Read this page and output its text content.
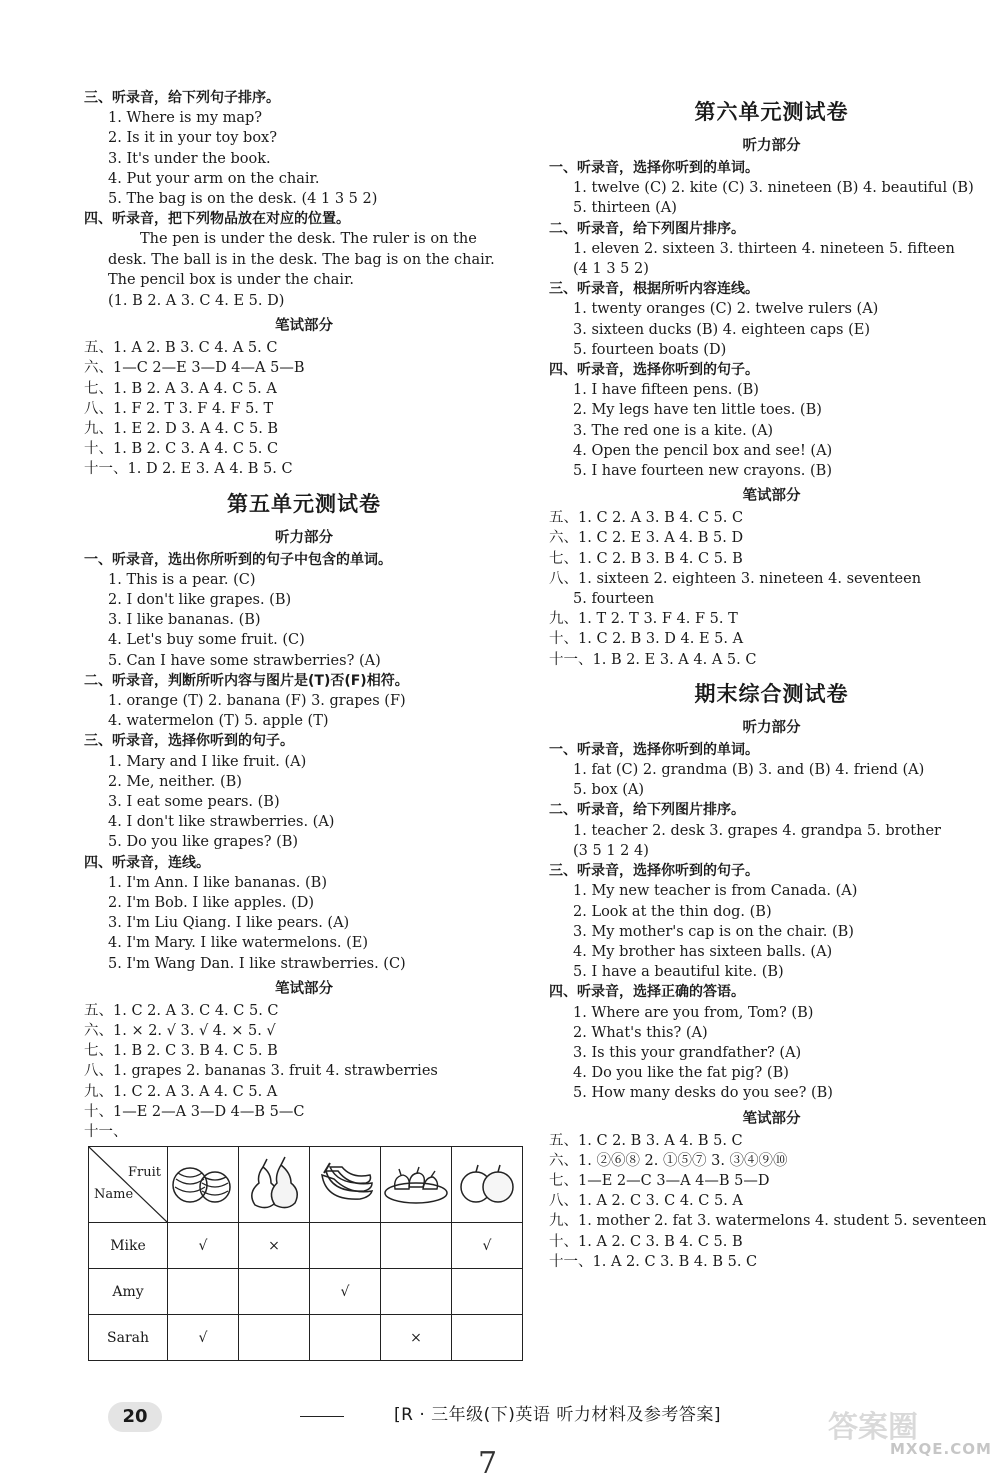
三、听录音，给下列句子排序。
1. Where is my map?
2. Is it in your toy box?
3. It's under the book.
4. Put your arm on the chair.
5. The bag is on the desk. (4 1 3 5 2)
四、听录音，把下列物品放在对应的位置。
The pen is under the desk. The ruler is on the desk. The ball is in the desk. The bag is on the chair. The pencil box is under the chair.
(1. B 2. A 3. C 4. E 5. D)
笔试部分
五、1. A 2. B 3. C 4. A 5. C
六、1—C 2—E 3—D 4—A 5—B
七、1. B 2. A 3. A 4. C 5. A
八、1. F 2. T 3. F 4. F 5. T
九、1. E 2. D 3. A 4. C 5. B
十、1. B 2. C 3. A 4. C 5. C
十一、1. D 2. E 3. A 4. B 5. C
第五单元测试卷
听力部分
一、听录音，选出你所听到的句子中包含的单词。
1. This is a pear. (C)
2. I don't like grapes. (B)
3. I like bananas. (B)
4. Let's buy some fruit. (C)
5. Can I have some strawberries? (A)
二、听录音，判断所听内容与图片是(T)否(F)相符。
1. orange (T) 2. banana (F) 3. grapes (F)
4. watermelon (T) 5. apple (T)
三、听录音，选择你听到的句子。
1. Mary and I like fruit. (A)
2. Me, neither. (B)
3. I eat some pears. (B)
4. I don't like strawberries. (A)
5. Do you like grapes? (B)
四、听录音，连线。
1. I'm Ann. I like bananas. (B)
2. I'm Bob. I like apples. (D)
3. I'm Liu Qiang. I like pears. (A)
4. I'm Mary. I like watermelons. (E)
5. I'm Wang Dan. I like strawberries. (C)
笔试部分
五、1. C 2. A 3. C 4. C 5. C
六、1. × 2. √ 3. √ 4. × 5. √
七、1. B 2. C 3. B 4. C 5. B
八、1. grapes 2. bananas 3. fruit 4. strawberries
九、1. C 2. A 3. A 4. C 5. A
十、1—E 2—A 3—D 4—B 5—C
十一、
Fruit
Name

Mike	√	×			√
Amy			√		
Sarah	√			×	
第六单元测试卷
听力部分
一、听录音，选择你听到的单词。
1. twelve (C) 2. kite (C) 3. nineteen (B) 4. beautiful (B)
5. thirteen (A)
二、听录音，给下列图片排序。
1. eleven 2. sixteen 3. thirteen 4. nineteen 5. fifteen
(4 1 3 5 2)
三、听录音，根据所听内容连线。
1. twenty oranges (C) 2. twelve rulers (A)
3. sixteen ducks (B) 4. eighteen caps (E)
5. fourteen boats (D)
四、听录音，选择你听到的句子。
1. I have fifteen pens. (B)
2. My legs have ten little toes. (B)
3. The red one is a kite. (A)
4. Open the pencil box and see! (A)
5. I have fourteen new crayons. (B)
笔试部分
五、1. C 2. A 3. B 4. C 5. C
六、1. C 2. E 3. A 4. B 5. D
七、1. C 2. B 3. B 4. C 5. B
八、1. sixteen 2. eighteen 3. nineteen 4. seventeen
5. fourteen
九、1. T 2. T 3. F 4. F 5. T
十、1. C 2. B 3. D 4. E 5. A
十一、1. B 2. E 3. A 4. A 5. C
期末综合测试卷
听力部分
一、听录音，选择你听到的单词。
1. fat (C) 2. grandma (B) 3. and (B) 4. friend (A)
5. box (A)
二、听录音，给下列图片排序。
1. teacher 2. desk 3. grapes 4. grandpa 5. brother
(3 5 1 2 4)
三、听录音，选择你听到的句子。
1. My new teacher is from Canada. (A)
2. Look at the thin dog. (B)
3. My mother's cap is on the chair. (B)
4. My brother has sixteen balls. (A)
5. I have a beautiful kite. (B)
四、听录音，选择正确的答语。
1. Where are you from, Tom? (B)
2. What's this? (A)
3. Is this your grandfather? (A)
4. Do you like the fat pig? (B)
5. How many desks do you see? (B)
笔试部分
五、1. C 2. B 3. A 4. B 5. C
六、1. ②⑥⑧ 2. ①⑤⑦ 3. ③④⑨⑩
七、1—E 2—C 3—A 4—B 5—D
八、1. A 2. C 3. C 4. C 5. A
九、1. mother 2. fat 3. watermelons 4. student 5. seventeen
十、1. A 2. C 3. B 4. C 5. B
十一、1. A 2. C 3. B 4. B 5. C
20	[R · 三年级(下)英语 听力材料及参考答案]
7
答案圈
MXQE.COM
